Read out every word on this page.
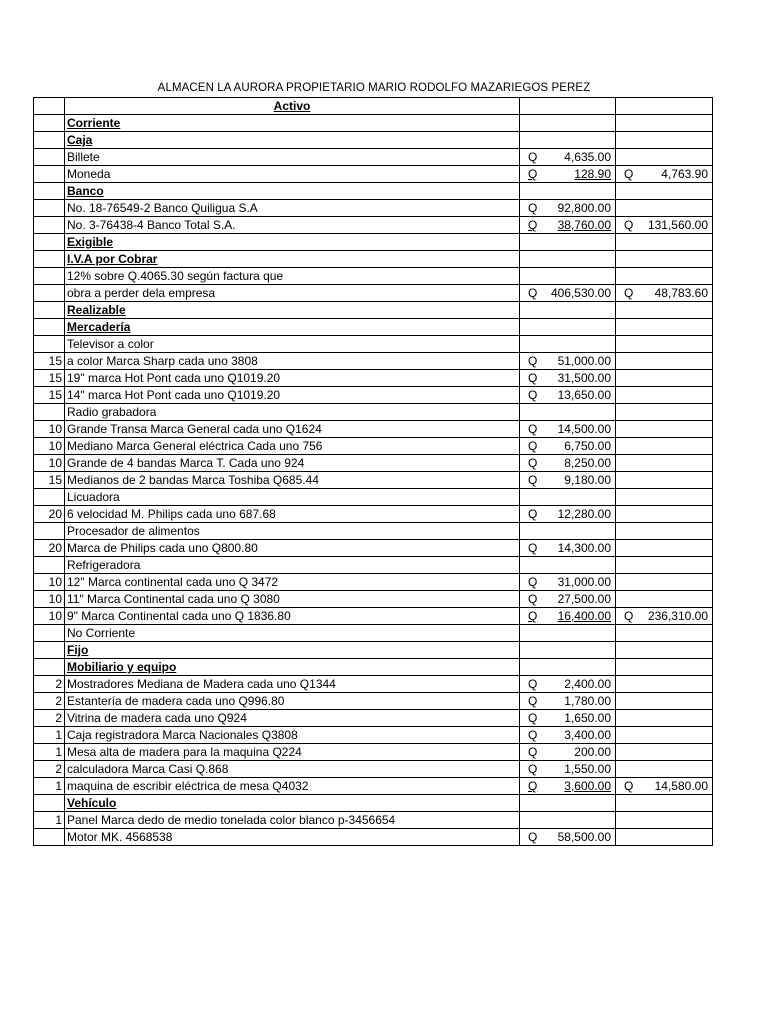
ALMACEN LA AURORA PROPIETARIO MARIO RODOLFO MAZARIEGOS PEREZ
	Activo		
	Corriente		
	Caja		
	Billete	Q 4,635.00	

	Moneda	Q 128.90	Q 4,763.90

	Banco		
	No. 18-76549-2 Banco Quiligua S.A	Q 92,800.00	

	No. 3-76438-4 Banco Total S.A.	Q 38,760.00	Q 131,560.00

	Exigible		
	I.V.A por Cobrar		
	12% sobre Q.4065.30 según factura que		
	obra a perder dela empresa	Q 406,530.00	Q 48,783.60

	Realizable		
	Mercadería		
	Televisor a color		
15	a color Marca Sharp cada uno 3808	Q 51,000.00	

15	19" marca Hot Pont cada uno Q1019.20	Q 31,500.00	

15	14" marca Hot Pont cada uno Q1019.20	Q 13,650.00	

	Radio grabadora		
10	Grande Transa Marca General cada uno Q1624	Q 14,500.00	

10	Mediano Marca General eléctrica Cada uno 756	Q 6,750.00	

10	Grande de 4 bandas Marca T. Cada uno 924	Q 8,250.00	

15	Medianos de 2 bandas Marca Toshiba Q685.44	Q 9,180.00	

	Licuadora		
20	6 velocidad M. Philips cada uno 687.68	Q 12,280.00	

	Procesador de alimentos		
20	Marca de Philips cada uno Q800.80	Q 14,300.00	

	Refrigeradora		
10	12" Marca continental cada uno Q 3472	Q 31,000.00	

10	11" Marca Continental cada uno Q 3080	Q 27,500.00	

10	9" Marca Continental cada uno Q 1836.80	Q 16,400.00	Q 236,310.00

	No Corriente		
	Fijo		
	Mobiliario y equipo		
2	Mostradores Mediana de Madera cada uno Q1344	Q 2,400.00	

2	Estantería de madera cada uno Q996.80	Q 1,780.00	

2	Vitrina de madera cada uno Q924	Q 1,650.00	

1	Caja registradora Marca Nacionales Q3808	Q 3,400.00	

1	Mesa alta de madera para la maquina Q224	Q 200.00	

2	calculadora Marca Casi Q.868	Q 1,550.00	

1	maquina de escribir eléctrica de mesa Q4032	Q 3,600.00	Q 14,580.00

	Vehículo		
1	Panel Marca dedo de medio tonelada color blanco p-3456654		
	Motor MK. 4568538	Q 58,500.00	
